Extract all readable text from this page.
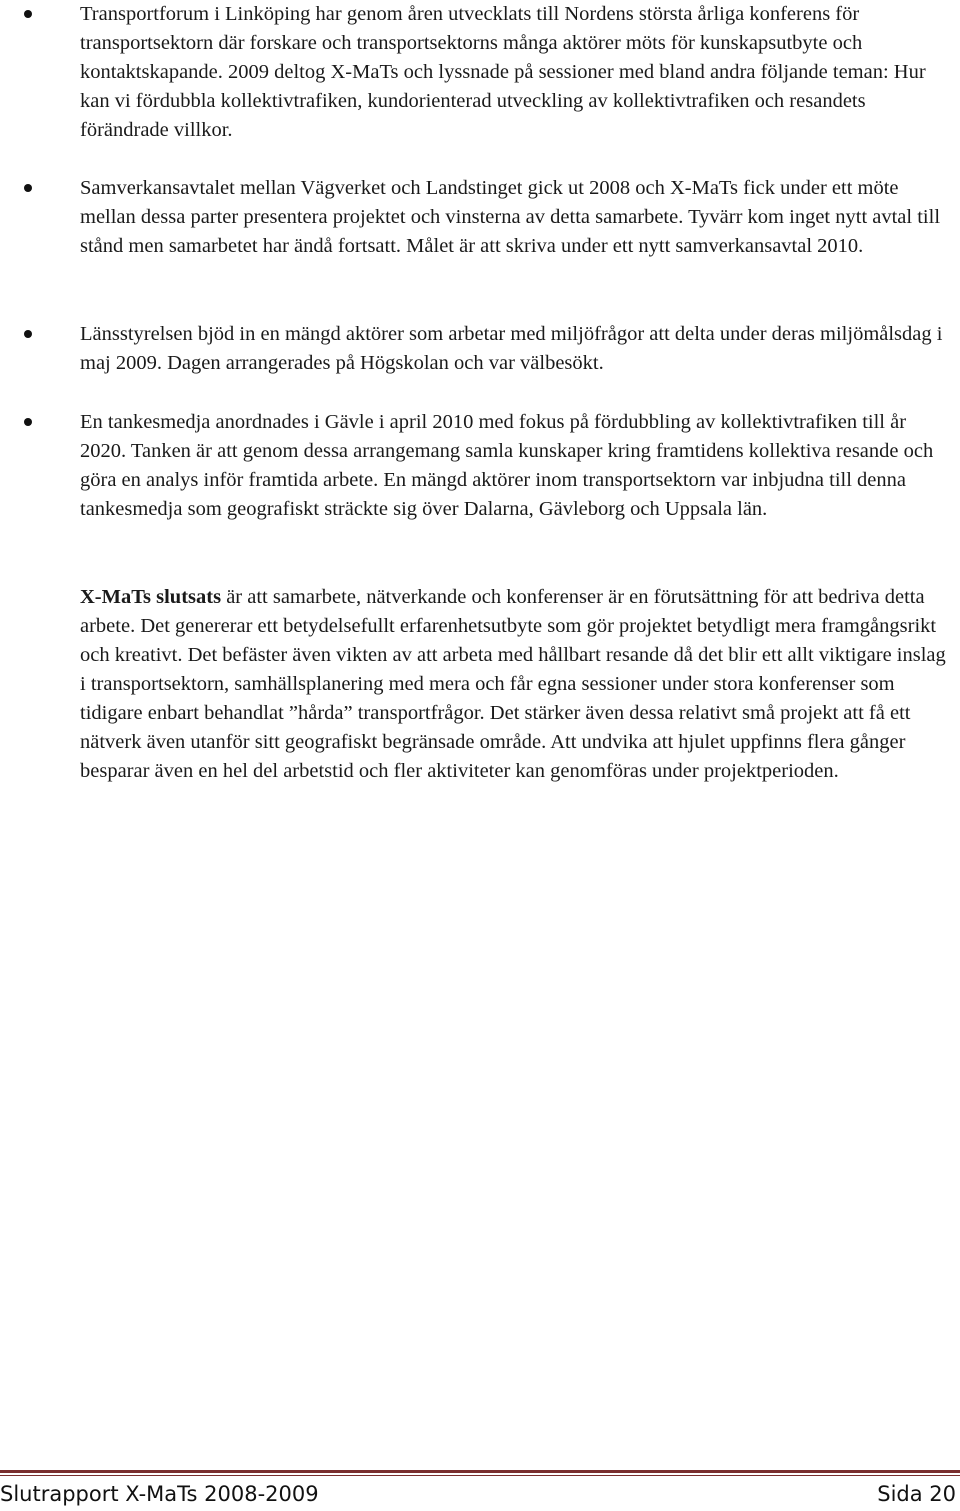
Transportforum i Linköping har genom åren utvecklats till Nordens största årliga konferens för transportsektorn där forskare och transportsektorns många aktörer möts för kunskapsutbyte och kontaktskapande. 2009 deltog X-MaTs och lyssnade på sessioner med bland andra följande teman: Hur kan vi fördubbla kollektivtrafiken, kundorienterad utveckling av kollektivtrafiken och resandets förändrade villkor.
Samverkansavtalet mellan Vägverket och Landstinget gick ut 2008 och X-MaTs fick under ett möte mellan dessa parter presentera projektet och vinsterna av detta samarbete. Tyvärr kom inget nytt avtal till stånd men samarbetet har ändå fortsatt. Målet är att skriva under ett nytt samverkansavtal 2010.
Länsstyrelsen bjöd in en mängd aktörer som arbetar med miljöfrågor att delta under deras miljömålsdag i maj 2009. Dagen arrangerades på Högskolan och var välbesökt.
En tankesmedja anordnades i Gävle i april 2010 med fokus på fördubbling av kollektivtrafiken till år 2020. Tanken är att genom dessa arrangemang samla kunskaper kring framtidens kollektiva resande och göra en analys inför framtida arbete. En mängd aktörer inom transportsektorn var inbjudna till denna tankesmedja som geografiskt sträckte sig över Dalarna, Gävleborg och Uppsala län.
X-MaTs slutsats är att samarbete, nätverkande och konferenser är en förutsättning för att bedriva detta arbete. Det genererar ett betydelsefullt erfarenhetsutbyte som gör projektet betydligt mera framgångsrikt och kreativt. Det befäster även vikten av att arbeta med hållbart resande då det blir ett allt viktigare inslag i transportsektorn, samhällsplanering med mera och får egna sessioner under stora konferenser som tidigare enbart behandlat ”hårda” transportfrågor. Det stärker även dessa relativt små projekt att få ett nätverk även utanför sitt geografiskt begränsade område. Att undvika att hjulet uppfinns flera gånger besparar även en hel del arbetstid och fler aktiviteter kan genomföras under projektperioden.
Slutrapport X-MaTs 2008-2009	Sida 20
